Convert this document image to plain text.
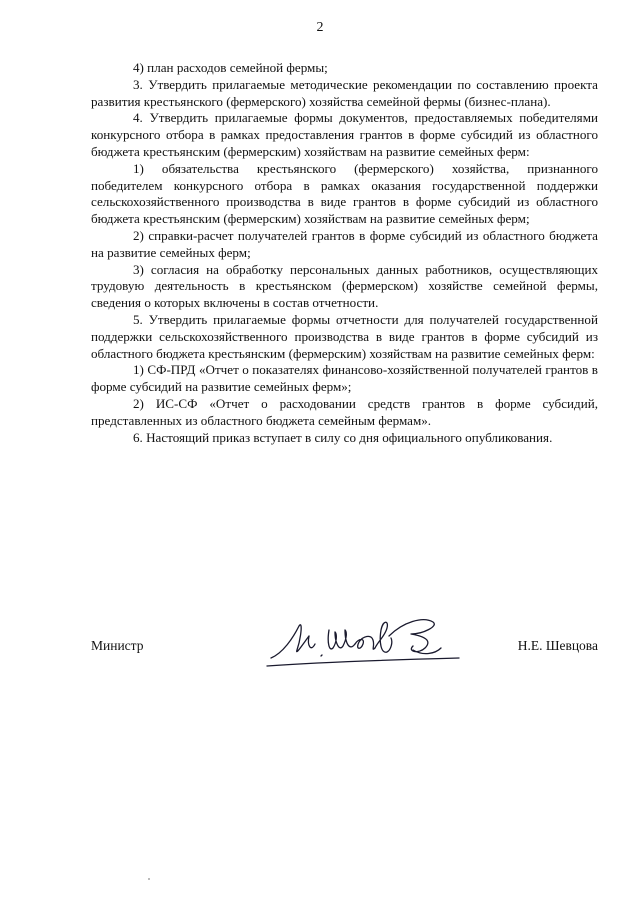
2

4) план расходов семейной фермы;

3. Утвердить прилагаемые методические рекомендации по составлению проекта развития крестьянского (фермерского) хозяйства семейной фермы (бизнес-плана).

4. Утвердить прилагаемые формы документов, предоставляемых победителями конкурсного отбора в рамках предоставления грантов в форме субсидий из областного бюджета крестьянским (фермерским) хозяйствам на развитие семейных ферм:

1) обязательства крестьянского (фермерского) хозяйства, признанного победителем конкурсного отбора в рамках оказания государственной поддержки сельскохозяйственного производства в виде грантов в форме субсидий из областного бюджета крестьянским (фермерским) хозяйствам на развитие семейных ферм;

2) справки-расчет получателей грантов в форме субсидий из областного бюджета на развитие семейных ферм;

3) согласия на обработку персональных данных работников, осуществляющих трудовую деятельность в крестьянском (фермерском) хозяйстве семейной фермы, сведения о которых включены в состав отчетности.

5. Утвердить прилагаемые формы отчетности для получателей государственной поддержки сельскохозяйственного производства в виде грантов в форме субсидий из областного бюджета крестьянским (фермерским) хозяйствам на развитие семейных ферм:

1) СФ-ПРД «Отчет о показателях финансово-хозяйственной получателей грантов в форме субсидий на развитие семейных ферм»;

2) ИС-СФ «Отчет о расходовании средств грантов в форме субсидий, представленных из областного бюджета семейным фермам».

6. Настоящий приказ вступает в силу со дня официального опубликования.

Министр	Н.Е. Шевцова
